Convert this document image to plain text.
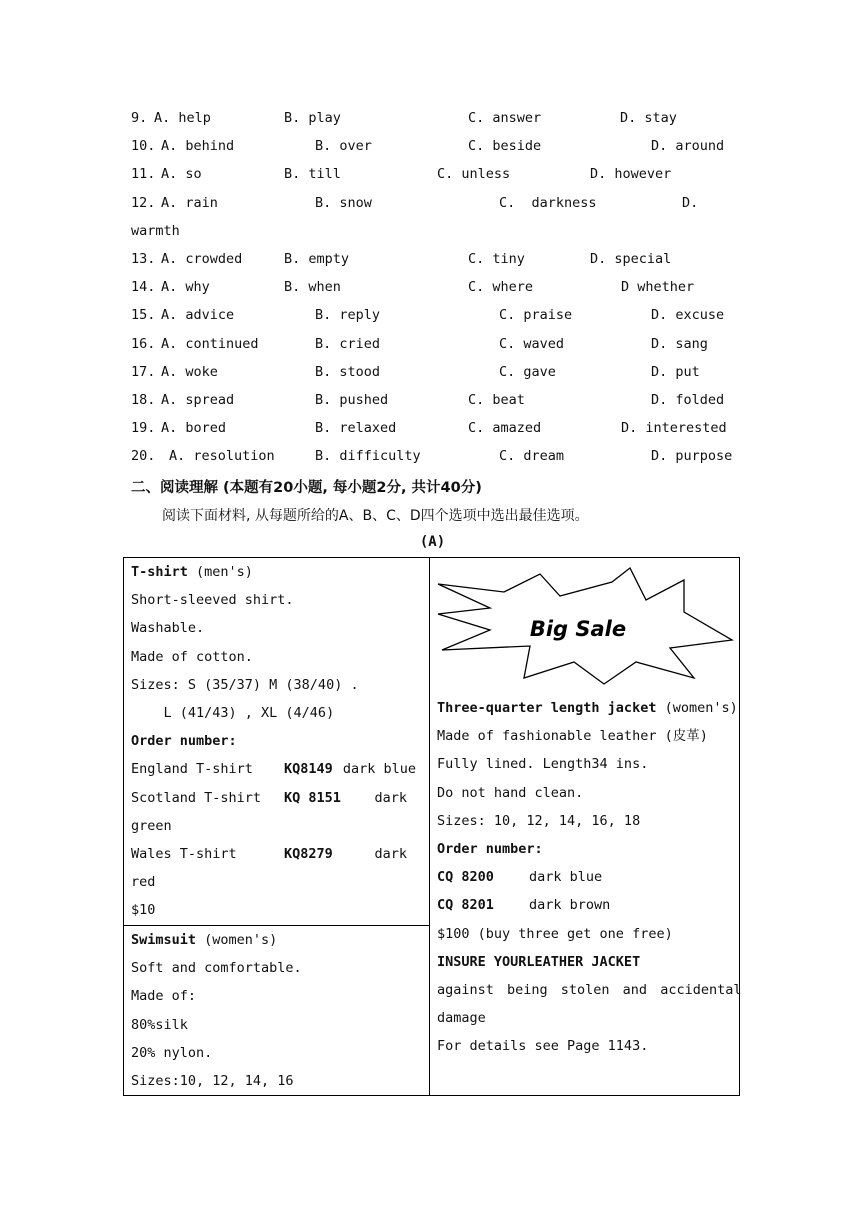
9. A. help	B. play	C. answer	D. stay
10. A. behind	B. over	C. beside	D. around
11. A. so	B. till	C. unless	D. however
12. A. rain	B. snow	C.  darkness	D.
warmth
13. A. crowded	B. empty	C. tiny	D. special
14. A. why	B. when	C. where	D whether
15. A. advice	B. reply	C. praise	D. excuse
16. A. continued	B. cried	C. waved	D. sang
17. A. woke	B. stood	C. gave	D. put
18. A. spread	B. pushed	C. beat	D. folded
19. A. bored	B. relaxed	C. amazed	D. interested
20. A. resolution	B. difficulty	C. dream	D. purpose
二、阅读理解 (本题有20小题, 每小题2分, 共计40分)
阅读下面材料, 从每题所给的A、B、C、D四个选项中选出最佳选项。
(A)
T-shirt (men's)
Short-sleeved shirt.
Washable.
Made of cotton.
Sizes: S (35/37) M (38/40) .
L (41/43) , XL (4/46)
Order number:
England T-shirt KQ8149 dark blue
Scotland T-shirt KQ 8151 dark
green
Wales T-shirt	KQ8279	dark
red
$10
Swimsuit (women's)
Soft and comfortable.
Made of:
80%silk
20% nylon.
Sizes:10, 12, 14, 16
Big Sale
Three-quarter length jacket (women's)
Made of fashionable leather (皮革)
Fully lined. Length34 ins.
Do not hand clean.
Sizes: 10, 12, 14, 16, 18
Order number:
CQ 8200	dark blue
CQ 8201	dark brown
$100 (buy three get one free)
INSURE YOURLEATHER JACKET
against being stolen and accidental
damage
For details see Page 1143.
